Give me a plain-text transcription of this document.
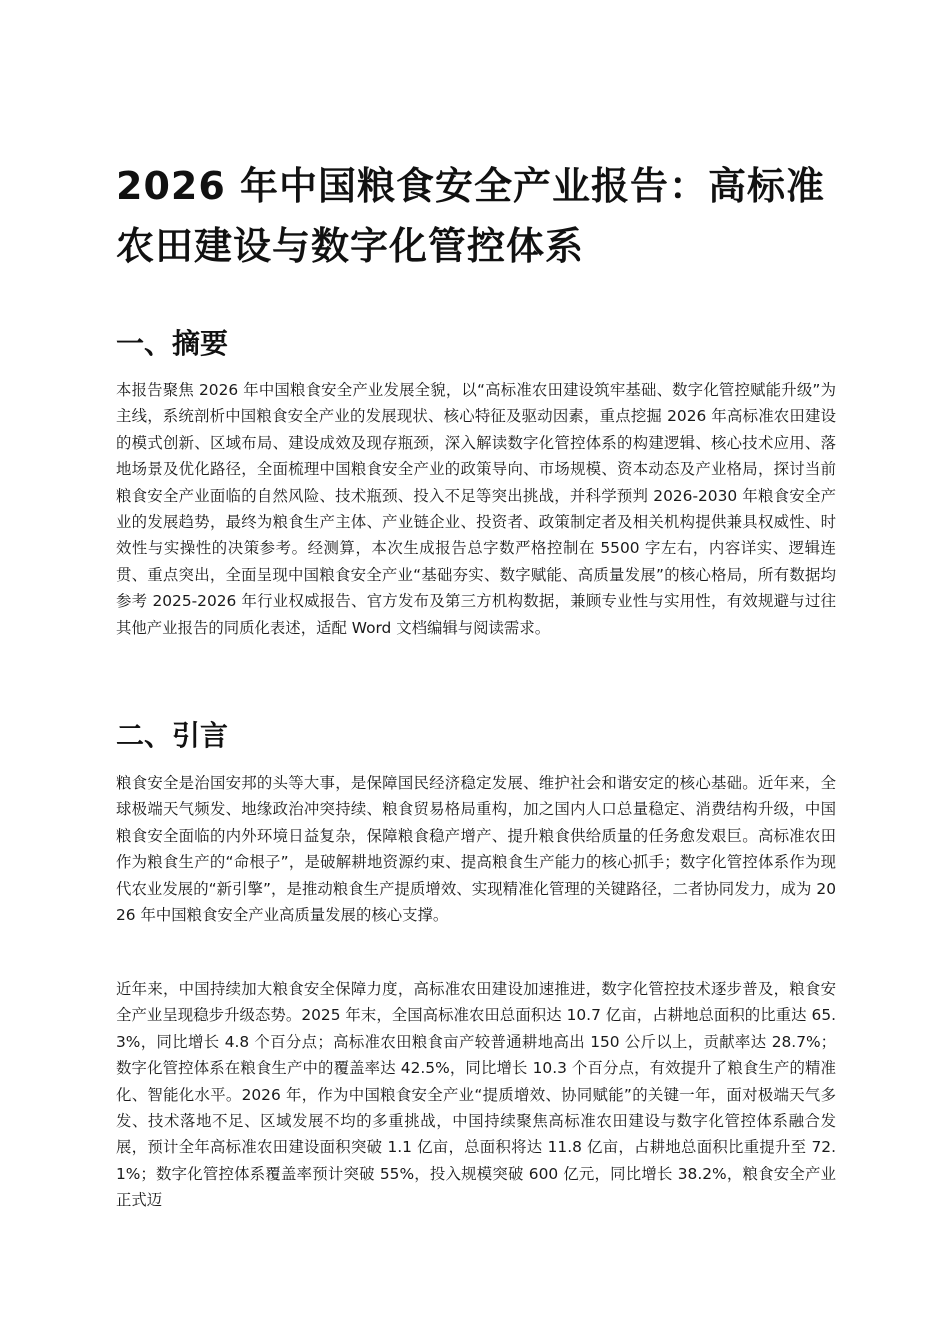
2026 年中国粮食安全产业报告：高标准农田建设与数字化管控体系
一、摘要

本报告聚焦 2026 年中国粮食安全产业发展全貌，以“高标准农田建设筑牢基础、数字化管控赋能升级”为主线，系统剖析中国粮食安全产业的发展现状、核心特征及驱动因素，重点挖掘 2026 年高标准农田建设的模式创新、区域布局、建设成效及现存瓶颈，深入解读数字化管控体系的构建逻辑、核心技术应用、落地场景及优化路径，全面梳理中国粮食安全产业的政策导向、市场规模、资本动态及产业格局，探讨当前粮食安全产业面临的自然风险、技术瓶颈、投入不足等突出挑战，并科学预判 2026-2030 年粮食安全产业的发展趋势，最终为粮食生产主体、产业链企业、投资者、政策制定者及相关机构提供兼具权威性、时效性与实操性的决策参考。经测算，本次生成报告总字数严格控制在 5500 字左右，内容详实、逻辑连贯、重点突出，全面呈现中国粮食安全产业“基础夯实、数字赋能、高质量发展”的核心格局，所有数据均参考 2025-2026 年行业权威报告、官方发布及第三方机构数据，兼顾专业性与实用性，有效规避与过往其他产业报告的同质化表述，适配 Word 文档编辑与阅读需求。

二、引言

粮食安全是治国安邦的头等大事，是保障国民经济稳定发展、维护社会和谐安定的核心基础。近年来，全球极端天气频发、地缘政治冲突持续、粮食贸易格局重构，加之国内人口总量稳定、消费结构升级，中国粮食安全面临的内外环境日益复杂，保障粮食稳产增产、提升粮食供给质量的任务愈发艰巨。高标准农田作为粮食生产的“命根子”，是破解耕地资源约束、提高粮食生产能力的核心抓手；数字化管控体系作为现代农业发展的“新引擎”，是推动粮食生产提质增效、实现精准化管理的关键路径，二者协同发力，成为 2026 年中国粮食安全产业高质量发展的核心支撑。

近年来，中国持续加大粮食安全保障力度，高标准农田建设加速推进，数字化管控技术逐步普及，粮食安全产业呈现稳步升级态势。2025 年末，全国高标准农田总面积达 10.7 亿亩，占耕地总面积的比重达 65.3%，同比增长 4.8 个百分点；高标准农田粮食亩产较普通耕地高出 150 公斤以上，贡献率达 28.7%；数字化管控体系在粮食生产中的覆盖率达 42.5%，同比增长 10.3 个百分点，有效提升了粮食生产的精准化、智能化水平。2026 年，作为中国粮食安全产业“提质增效、协同赋能”的关键一年，面对极端天气多发、技术落地不足、区域发展不均的多重挑战，中国持续聚焦高标准农田建设与数字化管控体系融合发展，预计全年高标准农田建设面积突破 1.1 亿亩，总面积将达 11.8 亿亩，占耕地总面积比重提升至 72.1%；数字化管控体系覆盖率预计突破 55%，投入规模突破 600 亿元，同比增长 38.2%，粮食安全产业正式迈
